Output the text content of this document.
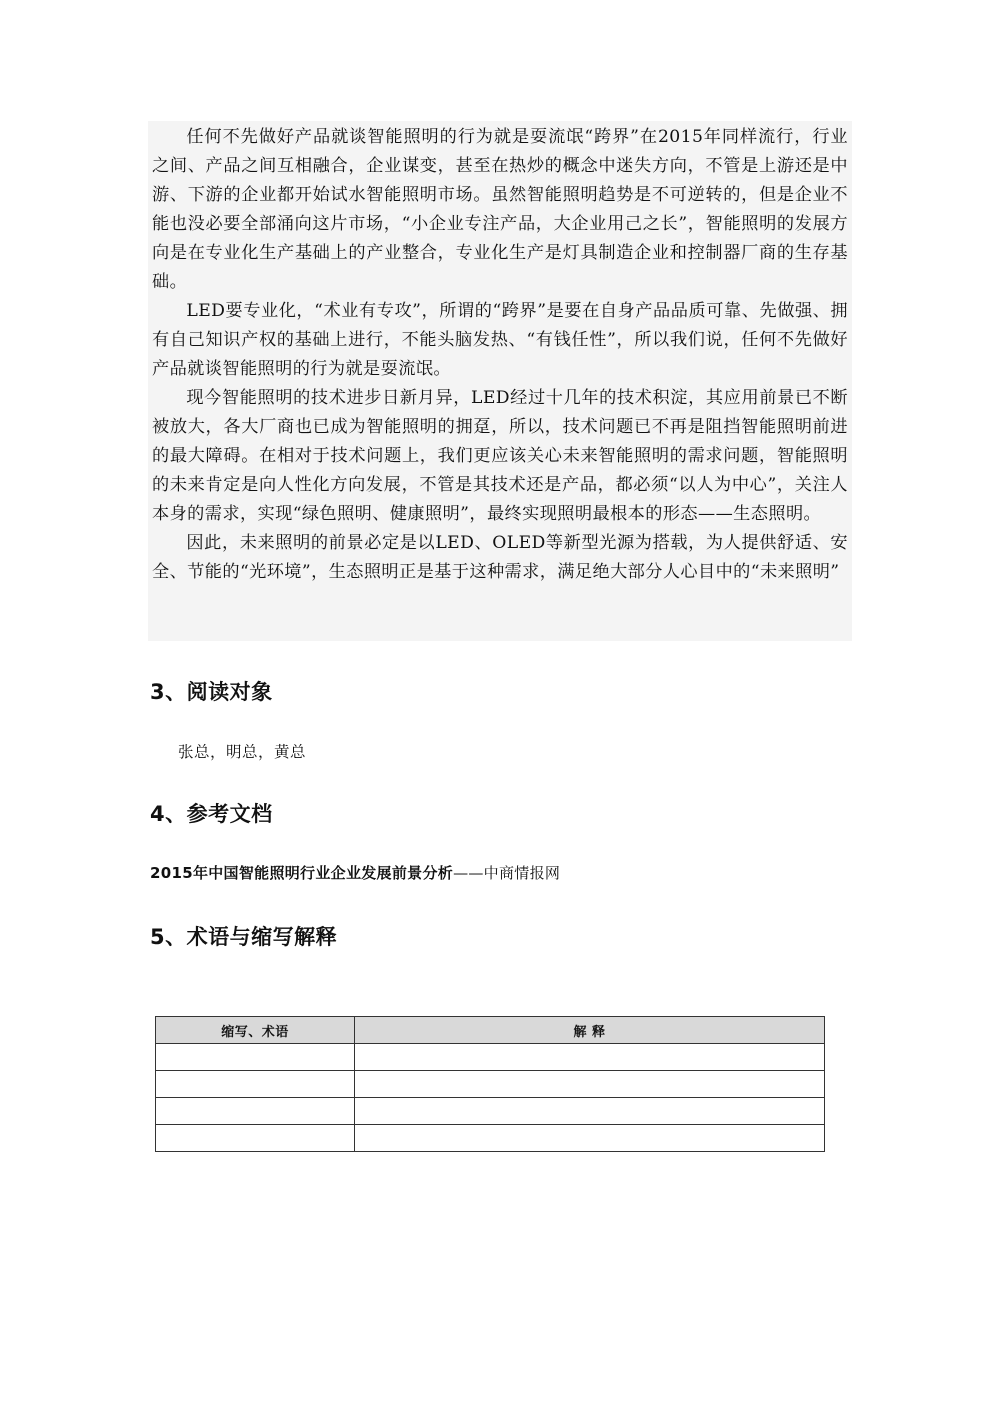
任何不先做好产品就谈智能照明的行为就是耍流氓“跨界”在2015年同样流行，行业之间、产品之间互相融合，企业谋变，甚至在热炒的概念中迷失方向，不管是上游还是中游、下游的企业都开始试水智能照明市场。虽然智能照明趋势是不可逆转的，但是企业不能也没必要全部涌向这片市场，“小企业专注产品，大企业用己之长”，智能照明的发展方向是在专业化生产基础上的产业整合，专业化生产是灯具制造企业和控制器厂商的生存基础。

LED要专业化，“术业有专攻”，所谓的“跨界”是要在自身产品品质可靠、先做强、拥有自己知识产权的基础上进行，不能头脑发热、“有钱任性”，所以我们说，任何不先做好产品就谈智能照明的行为就是耍流氓。

现今智能照明的技术进步日新月异，LED经过十几年的技术积淀，其应用前景已不断被放大，各大厂商也已成为智能照明的拥趸，所以，技术问题已不再是阻挡智能照明前进的最大障碍。在相对于技术问题上，我们更应该关心未来智能照明的需求问题，智能照明的未来肯定是向人性化方向发展，不管是其技术还是产品，都必须“以人为中心”，关注人本身的需求，实现“绿色照明、健康照明”，最终实现照明最根本的形态——生态照明。

因此，未来照明的前景必定是以LED、OLED等新型光源为搭载，为人提供舒适、安全、节能的“光环境”，生态照明正是基于这种需求，满足绝大部分人心目中的“未来照明”

3、阅读对象

张总，明总，黄总

4、参考文档

2015年中国智能照明行业企业发展前景分析——中商情报网

5、术语与缩写解释
缩写、术语	解 释
